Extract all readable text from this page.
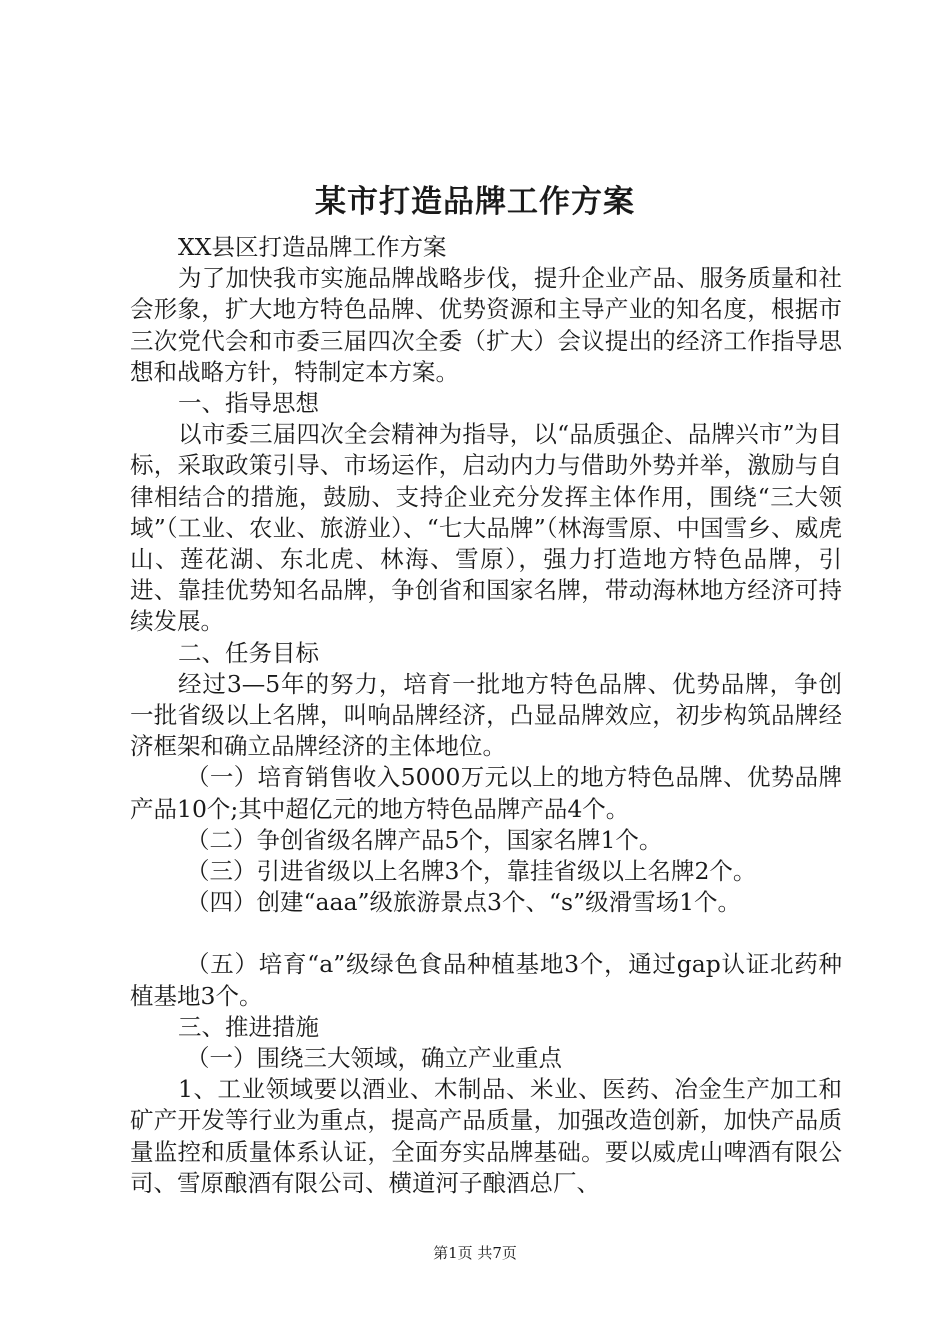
某市打造品牌工作方案

XX县区打造品牌工作方案

为了加快我市实施品牌战略步伐，提升企业产品、服务质量和社会形象，扩大地方特色品牌、优势资源和主导产业的知名度，根据市三次党代会和市委三届四次全委（扩大）会议提出的经济工作指导思想和战略方针，特制定本方案。

一、指导思想

以市委三届四次全会精神为指导，以“品质强企、品牌兴市”为目标，采取政策引导、市场运作，启动内力与借助外势并举，激励与自律相结合的措施，鼓励、支持企业充分发挥主体作用，围绕“三大领域”（工业、农业、旅游业）、“七大品牌”（林海雪原、中国雪乡、威虎山、莲花湖、东北虎、林海、雪原），强力打造地方特色品牌，引进、靠挂优势知名品牌，争创省和国家名牌，带动海林地方经济可持续发展。

二、任务目标

经过3—5年的努力，培育一批地方特色品牌、优势品牌，争创一批省级以上名牌，叫响品牌经济，凸显品牌效应，初步构筑品牌经济框架和确立品牌经济的主体地位。

（一）培育销售收入5000万元以上的地方特色品牌、优势品牌产品10个;其中超亿元的地方特色品牌产品4个。

（二）争创省级名牌产品5个，国家名牌1个。

（三）引进省级以上名牌3个，靠挂省级以上名牌2个。

（四）创建“aaa”级旅游景点3个、“s”级滑雪场1个。

（五）培育“a”级绿色食品种植基地3个，通过gap认证北药种植基地3个。

三、推进措施

（一）围绕三大领域，确立产业重点

1、工业领域要以酒业、木制品、米业、医药、冶金生产加工和矿产开发等行业为重点，提高产品质量，加强改造创新，加快产品质量监控和质量体系认证，全面夯实品牌基础。要以威虎山啤酒有限公司、雪原酿酒有限公司、横道河子酿酒总厂、

第1页 共7页
